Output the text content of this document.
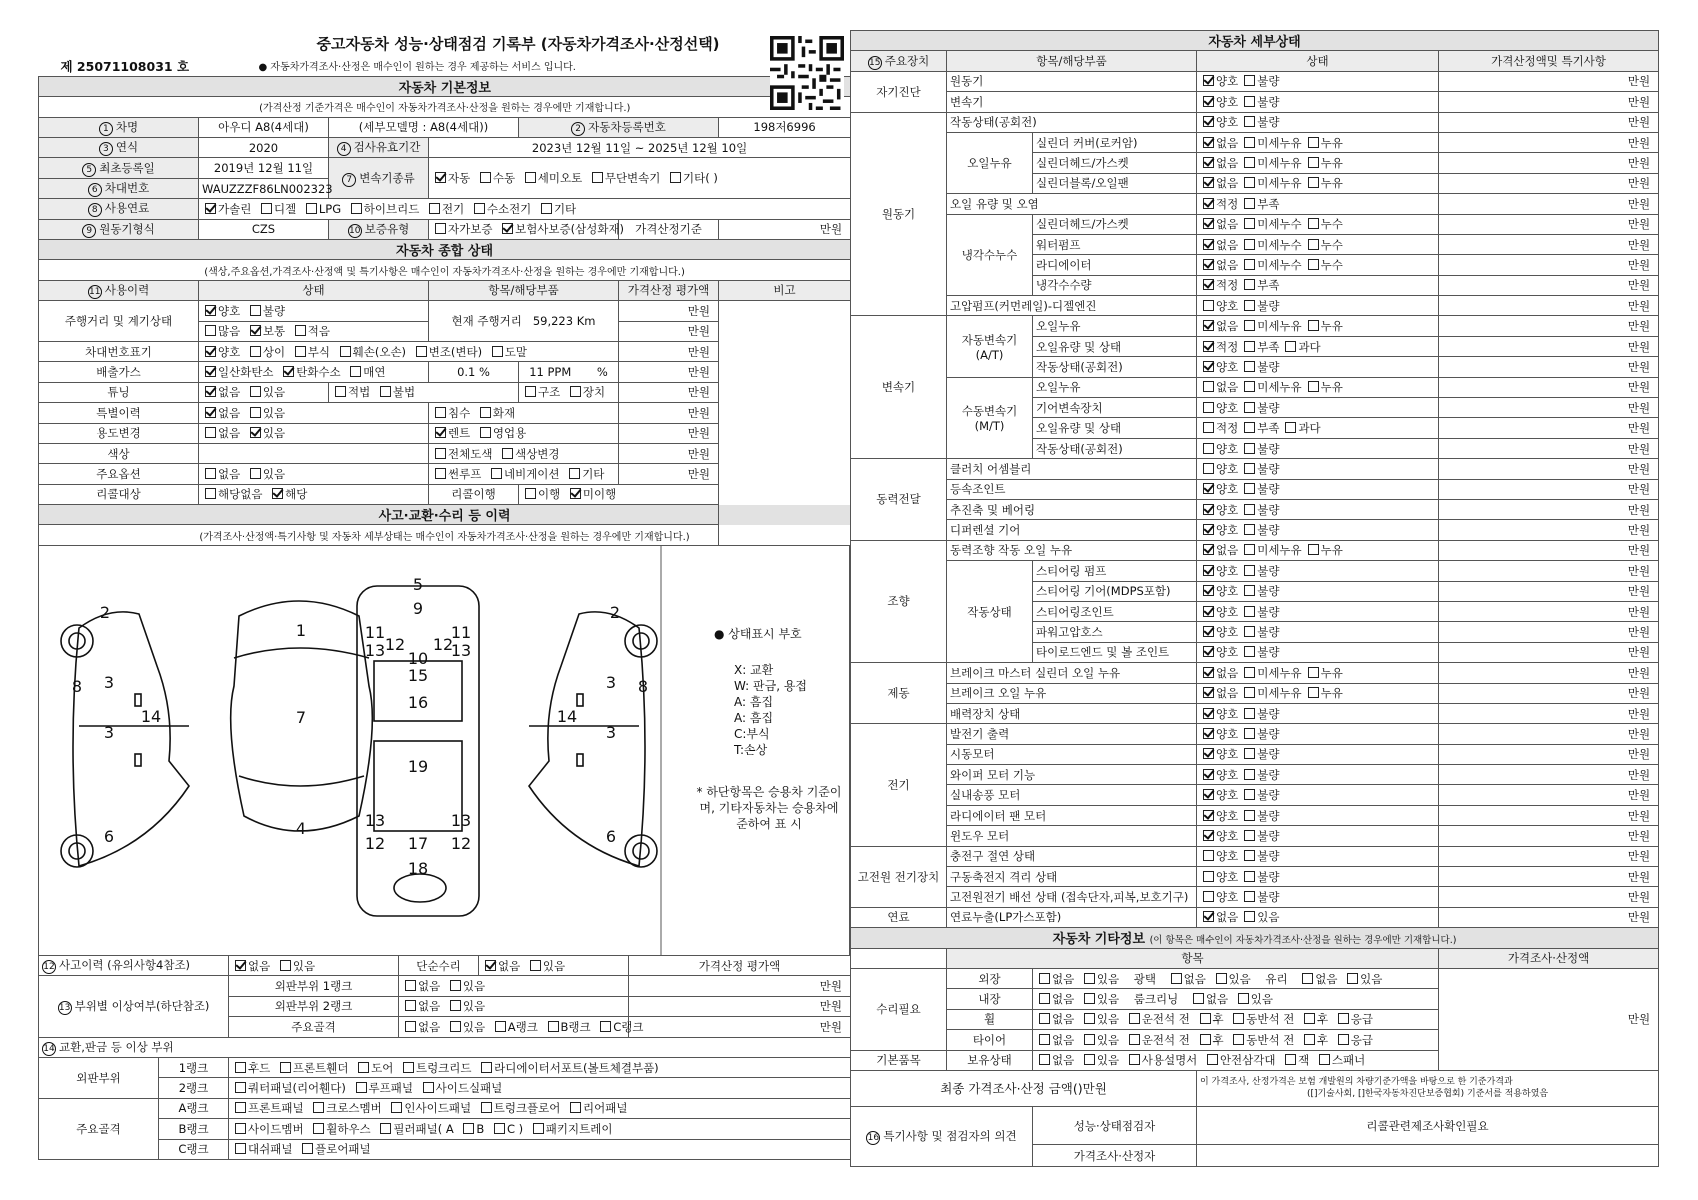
중고자동차 성능·상태점검 기록부 (자동차가격조사·산정선택)						
제 25071108031 호	● 자동차가격조사·산정은 매수인이 원하는 경우 제공하는 서비스 입니다.					
자동차 기본정보						
(가격산정 기준가격은 매수인이 자동차가격조사·산정을 원하는 경우에만 기재합니다.)						
1 차명	아우디 A8(4세대)	(세부모델명 : A8(4세대))		2 자동차등록번호		198저6996
3 연식	2020	4 검사유효기간	2023년 12월 11일 ~ 2025년 12월 10일			
5 최초등록일	2019년 12월 11일	7 변속기종류	자동 수동 세미오토 무단변속기 기타( )			
6 차대번호	WAUZZZF86LN002323					
8 사용연료	가솔린 디젤 LPG 하이브리드 전기 수소전기 기타					
9 원동기형식	CZS	10 보증유형	자가보증 보험사보증(삼성화재)		가격산정기준	만원
자동차 종합 상태						
(색상,주요옵션,가격조사·산정액 및 특기사항은 매수인이 자동차가격조사·산정을 원하는 경우에만 기재합니다.)						
11 사용이력	상태		항목/해당부품		가격산정 평가액	비고
주행거리 및 계기상태	양호 불량		현재 주행거리 59,223 Km		만원	
	많음 보통 적음				만원	
차대번호표기	양호 상이 부식 훼손(오손) 변조(변타) 도말				만원	
배출가스	일산화탄소 탄화수소 매연		0.1 %	11 PPM %	만원	
튜닝	없음 있음	적법 불법		구조 장치	만원	
특별이력	없음 있음		침수 화재		만원	
용도변경	없음 있음		렌트 영업용		만원	
색상			전체도색 색상변경		만원	
주요옵션	없음 있음		썬루프 네비게이션 기타		만원	
리콜대상	해당없음 해당		리콜이행	이행 미이행		
사고·교환·수리 등 이력						
(가격조사·산정액·특기사항 및 자동차 세부상태는 매수인이 자동차가격조사·산정을 원하는 경우에만 기재합니다.)						
2
3
3
6
8
14
1
7
4
5
9
10
15
16
19
17
18
11	11
13	13
12 12
13	13
12	12
2
3
3
6
8
14
● 상태표시 부호
X: 교환
W: 판금, 용접
A: 흠집
A: 흠집
C:부식
T:손상
* 하단항목은 승용차 기준이며, 기타자동차는 승용차에 준하여 표 시
12 사고이력 (유의사항4참조)		없음 있음	단순수리	없음 있음	가격산정 평가액
13 부위별 이상여부(하단참조)		외판부위 1랭크	없음 있음		만원
		외판부위 2랭크	없음 있음		만원
		주요골격	없음 있음 A랭크 B랭크 C랭크		만원
14 교환,판금 등 이상 부위					
외판부위	1랭크	후드 프론트휀더 도어 트렁크리드 라디에이터서포트(볼트체결부품)			
	2랭크	쿼터패널(리어휀다) 루프패널 사이드실패널			
주요골격	A랭크	프론트패널 크로스멤버 인사이드패널 트렁크플로어 리어패널			
	B랭크	사이드멤버 휠하우스 필러패널( A B C ) 패키지트레이			
	C랭크	대쉬패널 플로어패널			
자동차 세부상태				
15 주요장치	항목/해당부품		상태	가격산정액및 특기사항
자기진단	원동기		양호 불량	만원
	변속기		양호 불량	만원
원동기	작동상태(공회전)		양호 불량	만원
	오일누유	실린더 커버(로커암)	없음 미세누유 누유	만원
		실린더헤드/가스켓	없음 미세누유 누유	만원
		실린더블록/오일팬	없음 미세누유 누유	만원
	오일 유량 및 오염		적정 부족	만원
	냉각수누수	실린더헤드/가스켓	없음 미세누수 누수	만원
		워터펌프	없음 미세누수 누수	만원
		라디에이터	없음 미세누수 누수	만원
		냉각수수량	적정 부족	만원
	고압펌프(커먼레일)-디젤엔진		양호 불량	만원
변속기	자동변속기 (A/T)	오일누유	없음 미세누유 누유	만원
		오일유량 및 상태	적정 부족 과다	만원
		작동상태(공회전)	양호 불량	만원
	수동변속기 (M/T)	오일누유	없음 미세누유 누유	만원
		기어변속장치	양호 불량	만원
		오일유량 및 상태	적정 부족 과다	만원
		작동상태(공회전)	양호 불량	만원
동력전달	클러치 어셈블리		양호 불량	만원
	등속조인트		양호 불량	만원
	추진축 및 베어링		양호 불량	만원
	디퍼렌셜 기어		양호 불량	만원
조향	동력조향 작동 오일 누유		없음 미세누유 누유	만원
	작동상태	스티어링 펌프	양호 불량	만원
		스티어링 기어(MDPS포함)	양호 불량	만원
		스티어링조인트	양호 불량	만원
		파워고압호스	양호 불량	만원
		타이로드엔드 및 볼 조인트	양호 불량	만원
제동	브레이크 마스터 실린더 오일 누유		없음 미세누유 누유	만원
	브레이크 오일 누유		없음 미세누유 누유	만원
	배력장치 상태		양호 불량	만원
전기	발전기 출력		양호 불량	만원
	시동모터		양호 불량	만원
	와이퍼 모터 기능		양호 불량	만원
	실내송풍 모터		양호 불량	만원
	라디에이터 팬 모터		양호 불량	만원
	윈도우 모터		양호 불량	만원
고전원 전기장치	충전구 절연 상태		양호 불량	만원
	구동축전지 격리 상태		양호 불량	만원
	고전원전기 배선 상태 (접속단자,피복,보호기구)		양호 불량	만원
연료	연료누출(LP가스포함)		없음 있음	만원
자동차 기타정보 (이 항목은 매수인이 자동차가격조사·산정을 원하는 경우에만 기재합니다.)				
	항목			가격조사·산정액
수리필요	외장	없음 있음 광택 없음 있음 유리 없음 있음		만원
	내장	없음 있음 룸크리닝 없음 있음		
	휠	없음 있음 운전석 전 후 동반석 전 후 응급		
	타이어	없음 있음 운전석 전 후 동반석 전 후 응급		
기본품목	보유상태	없음 있음 사용설명서 안전삼각대 잭 스패너		
최종 가격조사·산정 금액()만원			이 가격조사, 산정가격은 보험 개발원의 차량기준가액을 바탕으로 한 기준가격과
([]기술사회, []한국자동차진단보증협회) 기준서를 적용하였음	

16 특기사항 및 점검자의 의견		성능·상태점검자	리콜관련제조사확인필요	
		가격조사·산정자		
